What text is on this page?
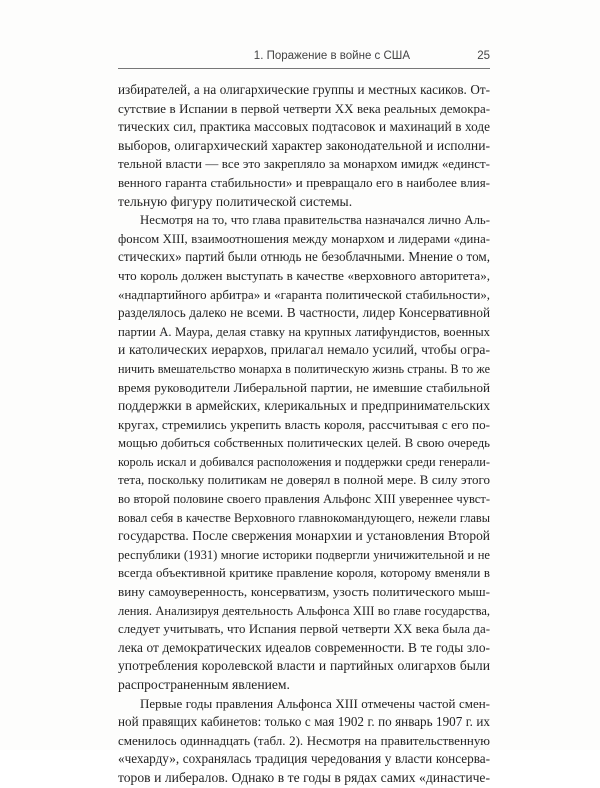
1. Поражение в войне с США	25
избирателей, а на олигархические группы и местных касиков. От-
сутствие в Испании в первой четверти XX века реальных демокра-
тических сил, практика массовых подтасовок и махинаций в ходе
выборов, олигархический характер законодательной и исполни-
тельной власти — все это закрепляло за монархом имидж «единст-
венного гаранта стабильности» и превращало его в наиболее влия-
тельную фигуру политической системы.
Несмотря на то, что глава правительства назначался лично Аль-
фонсом XIII, взаимоотношения между монархом и лидерами «дина-
стических» партий были отнюдь не безоблачными. Мнение о том,
что король должен выступать в качестве «верховного авторитета»,
«надпартийного арбитра» и «гаранта политической стабильности»,
разделялось далеко не всеми. В частности, лидер Консервативной
партии А. Маура, делая ставку на крупных латифундистов, военных
и католических иерархов, прилагал немало усилий, чтобы огра-
ничить вмешательство монарха в политическую жизнь страны. В то же
время руководители Либеральной партии, не имевшие стабильной
поддержки в армейских, клерикальных и предпринимательских
кругах, стремились укрепить власть короля, рассчитывая с его по-
мощью добиться собственных политических целей. В свою очередь
король искал и добивался расположения и поддержки среди генерали-
тета, поскольку политикам не доверял в полной мере. В силу этого
во второй половине своего правления Альфонс XIII увереннее чувст-
вовал себя в качестве Верховного главнокомандующего, нежели главы
государства. После свержения монархии и установления Второй
республики (1931) многие историки подвергли уничижительной и не
всегда объективной критике правление короля, которому вменяли в
вину самоуверенность, консерватизм, узость политического мыш-
ления. Анализируя деятельность Альфонса XIII во главе государства,
следует учитывать, что Испания первой четверти XX века была да-
лека от демократических идеалов современности. В те годы зло-
употребления королевской власти и партийных олигархов были
распространенным явлением.
Первые годы правления Альфонса XIII отмечены частой смен-
ной правящих кабинетов: только с мая 1902 г. по январь 1907 г. их
сменилось одиннадцать (табл. 2). Несмотря на правительственную
«чехарду», сохранялась традиция чередования у власти консерва-
торов и либералов. Однако в те годы в рядах самих «династиче-
